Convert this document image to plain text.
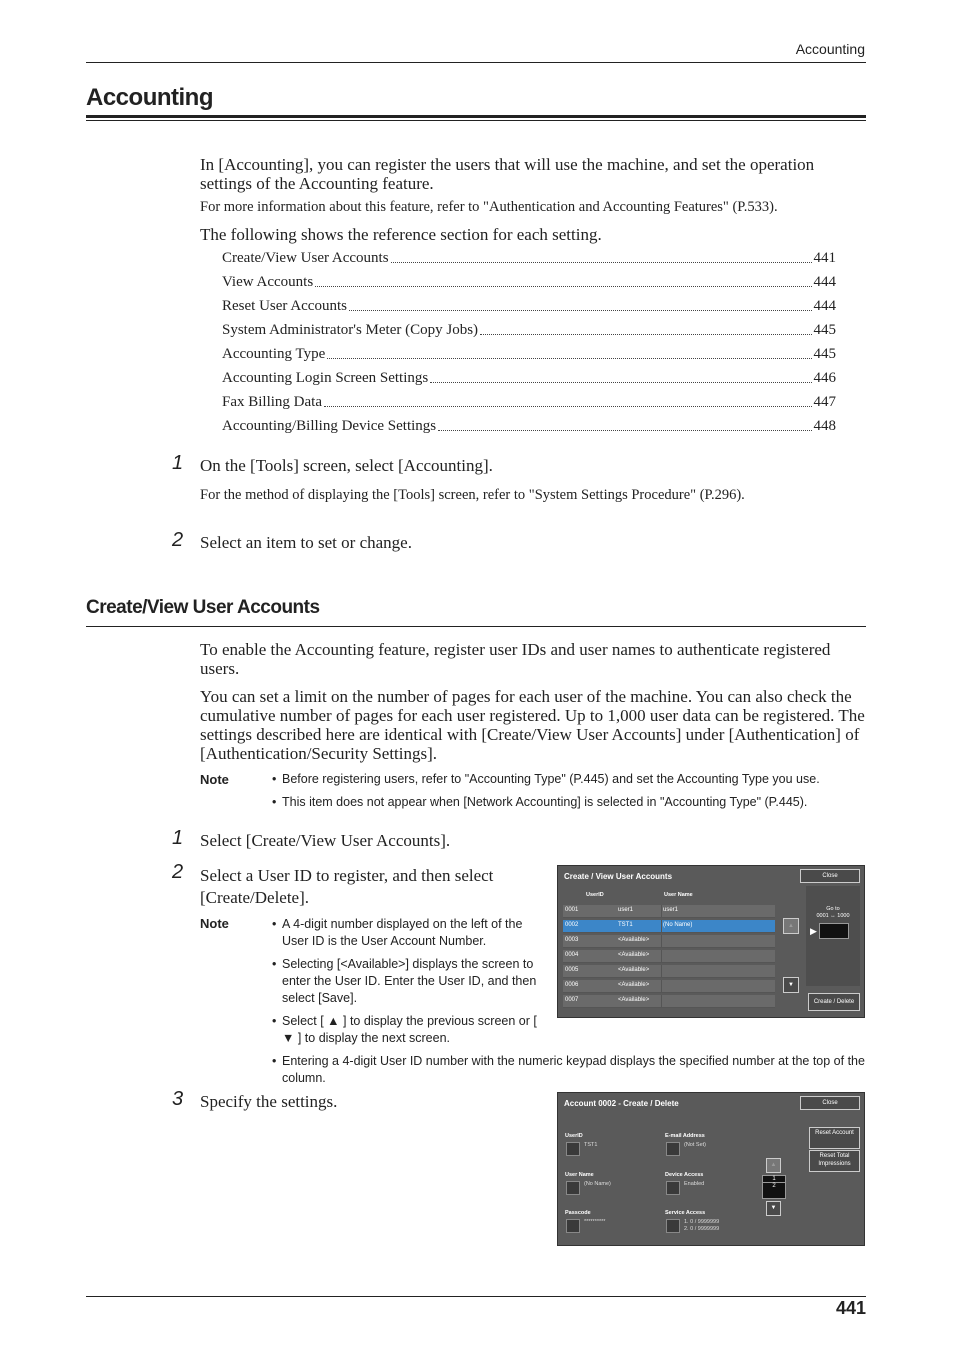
Accounting
Accounting
In [Accounting], you can register the users that will use the machine, and set the operation settings of the Accounting feature.
For more information about this feature, refer to "Authentication and Accounting Features" (P.533).
The following shows the reference section for each setting.
Create/View User Accounts	441
View Accounts	444
Reset User Accounts	444
System Administrator's Meter (Copy Jobs)	445
Accounting Type	445
Accounting Login Screen Settings	446
Fax Billing Data	447
Accounting/Billing Device Settings	448
1 On the [Tools] screen, select [Accounting].
For the method of displaying the [Tools] screen, refer to "System Settings Procedure" (P.296).
2 Select an item to set or change.
Create/View User Accounts
To enable the Accounting feature, register user IDs and user names to authenticate registered users.
You can set a limit on the number of pages for each user of the machine. You can also check the cumulative number of pages for each user registered. Up to 1,000 user data can be registered. The settings described here are identical with [Create/View User Accounts] under [Authentication] of [Authentication/Security Settings].
Note	• Before registering users, refer to "Accounting Type" (P.445) and set the Accounting Type you use.
• This item does not appear when [Network Accounting] is selected in "Accounting Type" (P.445).
1 Select [Create/View User Accounts].
2 Select a User ID to register, and then select [Create/Delete].
Note	• A 4-digit number displayed on the left of the User ID is the User Account Number.
• Selecting [<Available>] displays the screen to enter the User ID. Enter the User ID, and then select [Save].
• Select [ ▲ ] to display the previous screen or [ ▼ ] to display the next screen.
• Entering a 4-digit User ID number with the numeric keypad displays the specified number at the top of the column.
3 Specify the settings.
Create / View User Accounts	Close
UserID	User Name
0001	user1	user1
0002	TST1	(No Name)
0003	<Available>
0004	<Available>
0005	<Available>
0006	<Available>
0007	<Available>
▲
▼
Go to
0001 ↔ 1000
▶
Create / Delete
Account 0002 - Create / Delete	Close
UserID
TST1
E-mail Address
(Not Set)
User Name
(No Name)
Device Access
Enabled
Passcode
**********
Service Access
1. 0 / 9999999
2. 0 / 9999999
▲
1
2
▼
Reset Account
Reset Total Impressions
441
